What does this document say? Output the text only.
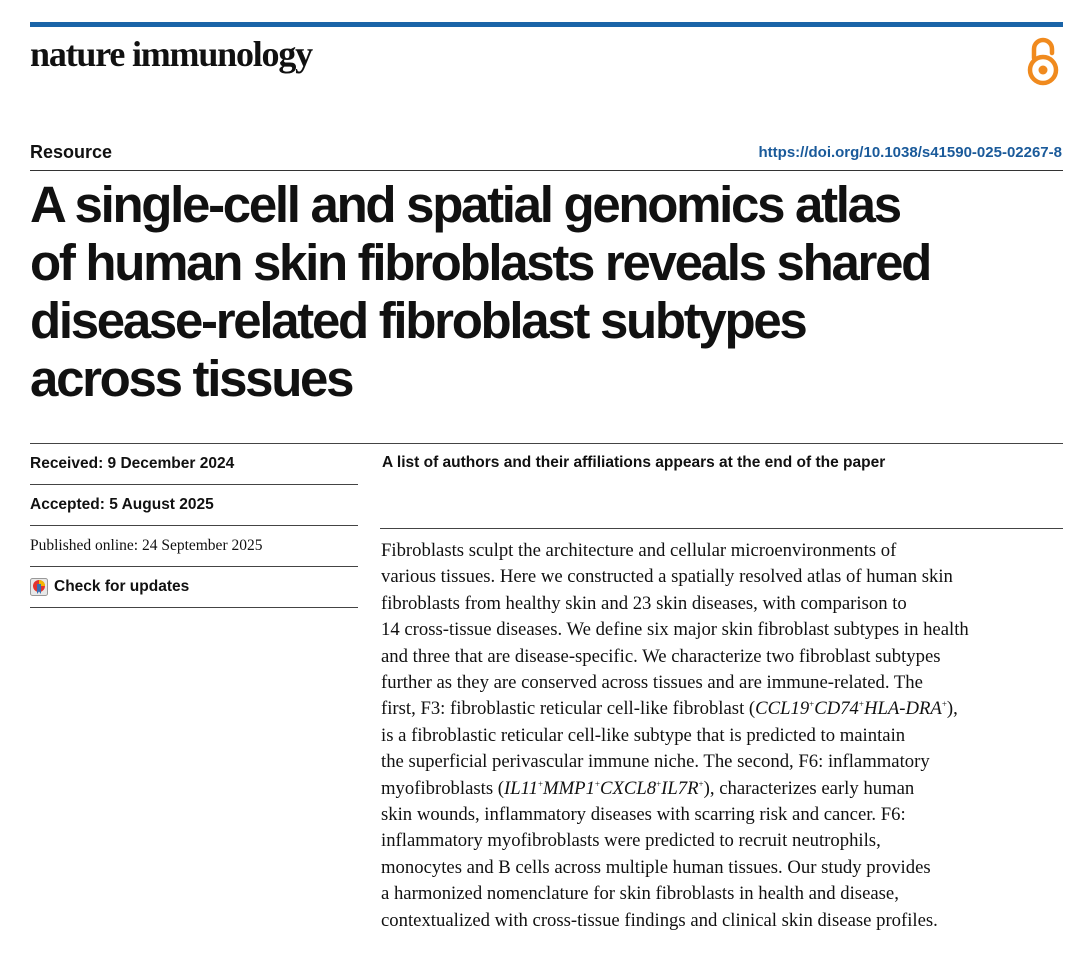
nature immunology
Resource	https://doi.org/10.1038/s41590-025-02267-8
A single-cell and spatial genomics atlas
of human skin fibroblasts reveals shared
disease-related fibroblast subtypes
across tissues
Received: 9 December 2024
Accepted: 5 August 2025
Published online: 24 September 2025
Check for updates
A list of authors and their affiliations appears at the end of the paper
Fibroblasts sculpt the architecture and cellular microenvironments of
various tissues. Here we constructed a spatially resolved atlas of human skin
fibroblasts from healthy skin and 23 skin diseases, with comparison to
14 cross-tissue diseases. We define six major skin fibroblast subtypes in health
and three that are disease-specific. We characterize two fibroblast subtypes
further as they are conserved across tissues and are immune-related. The
first, F3: fibroblastic reticular cell-like fibroblast (CCL19+CD74+HLA-DRA+),
is a fibroblastic reticular cell-like subtype that is predicted to maintain
the superficial perivascular immune niche. The second, F6: inflammatory
myofibroblasts (IL11+MMP1+CXCL8+IL7R+), characterizes early human
skin wounds, inflammatory diseases with scarring risk and cancer. F6:
inflammatory myofibroblasts were predicted to recruit neutrophils,
monocytes and B cells across multiple human tissues. Our study provides
a harmonized nomenclature for skin fibroblasts in health and disease,
contextualized with cross-tissue findings and clinical skin disease profiles.
